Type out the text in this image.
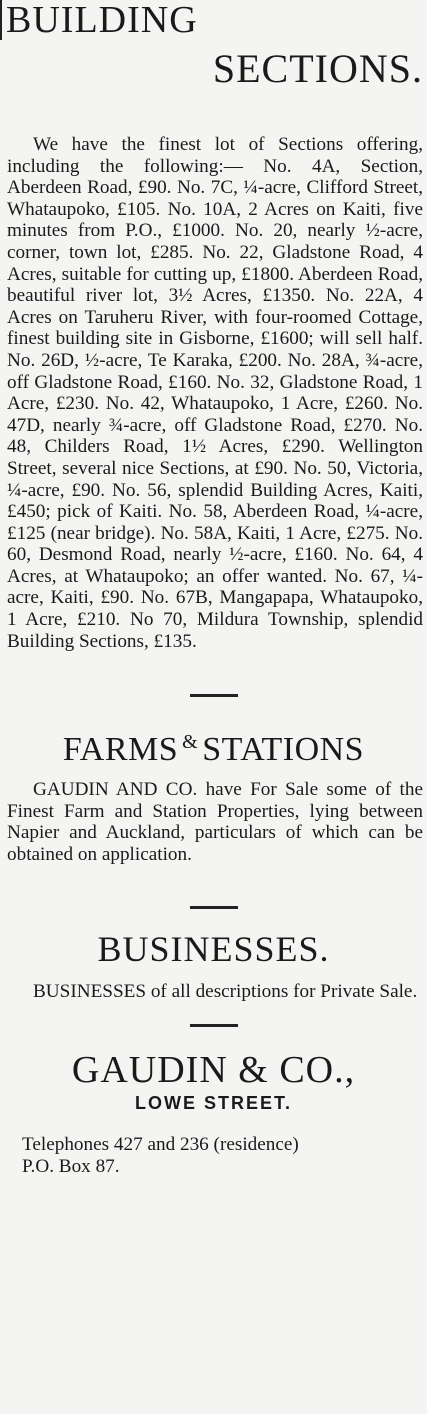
BUILDING
SECTIONS.

We have the finest lot of Sections offering, including the following:— No. 4A, Section, Aberdeen Road, £90. No. 7C, ¼-acre, Clifford Street, Whataupoko, £105. No. 10A, 2 Acres on Kaiti, five minutes from P.O., £1000. No. 20, nearly ½-acre, corner, town lot, £285. No. 22, Gladstone Road, 4 Acres, suitable for cutting up, £1800. Aberdeen Road, beautiful river lot, 3½ Acres, £1350. No. 22A, 4 Acres on Taruheru River, with four-roomed Cottage, finest building site in Gisborne, £1600; will sell half. No. 26D, ½-acre, Te Karaka, £200. No. 28A, ¾-acre, off Gladstone Road, £160. No. 32, Gladstone Road, 1 Acre, £230. No. 42, Whataupoko, 1 Acre, £260. No. 47D, nearly ¾-acre, off Gladstone Road, £270. No. 48, Childers Road, 1½ Acres, £290. Wellington Street, several nice Sections, at £90. No. 50, Victoria, ¼-acre, £90. No. 56, splendid Building Acres, Kaiti, £450; pick of Kaiti. No. 58, Aberdeen Road, ¼-acre, £125 (near bridge). No. 58A, Kaiti, 1 Acre, £275. No. 60, Desmond Road, nearly ½-acre, £160. No. 64, 4 Acres, at Whataupoko; an offer wanted. No. 67, ¼-acre, Kaiti, £90. No. 67B, Mangapapa, Whataupoko, 1 Acre, £210. No 70, Mildura Township, splendid Building Sections, £135.

FARMS & STATIONS

GAUDIN AND CO. have For Sale some of the Finest Farm and Station Properties, lying between Napier and Auckland, particulars of which can be obtained on application.

BUSINESSES.

BUSINESSES of all descriptions for Private Sale.

GAUDIN & CO.,

LOWE STREET.

Telephones 427 and 236 (residence)
P.O. Box 87.
